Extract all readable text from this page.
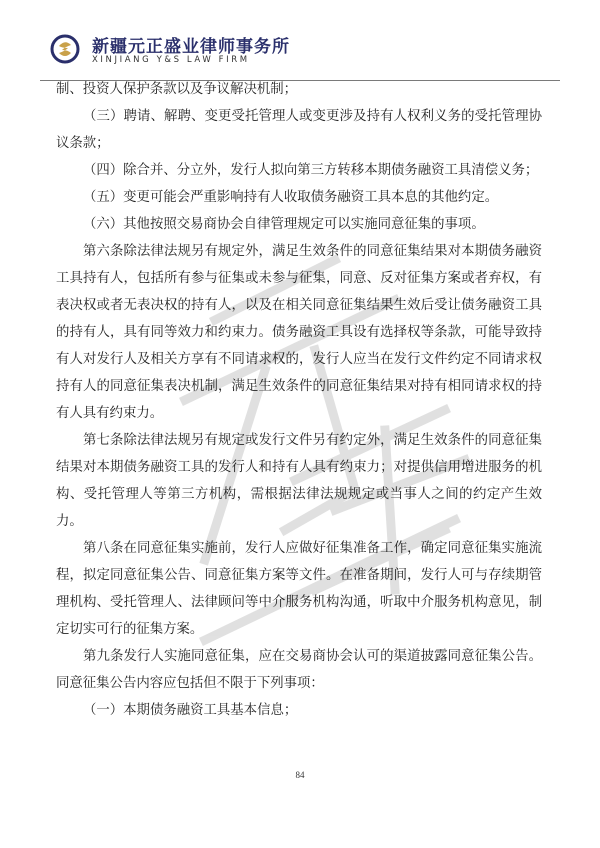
新疆元正盛业律师事务所
XINJIANG Y&S LAW FIRM

制、投资人保护条款以及争议解决机制；

（三）聘请、解聘、变更受托管理人或变更涉及持有人权利义务的受托管理协议条款；

（四）除合并、分立外，发行人拟向第三方转移本期债务融资工具清偿义务；

（五）变更可能会严重影响持有人收取债务融资工具本息的其他约定。

（六）其他按照交易商协会自律管理规定可以实施同意征集的事项。

第六条除法律法规另有规定外，满足生效条件的同意征集结果对本期债务融资工具持有人，包括所有参与征集或未参与征集，同意、反对征集方案或者弃权，有表决权或者无表决权的持有人，以及在相关同意征集结果生效后受让债务融资工具的持有人，具有同等效力和约束力。债务融资工具设有选择权等条款，可能导致持有人对发行人及相关方享有不同请求权的，发行人应当在发行文件约定不同请求权持有人的同意征集表决机制，满足生效条件的同意征集结果对持有相同请求权的持有人具有约束力。

第七条除法律法规另有规定或发行文件另有约定外，满足生效条件的同意征集结果对本期债务融资工具的发行人和持有人具有约束力；对提供信用增进服务的机构、受托管理人等第三方机构，需根据法律法规规定或当事人之间的约定产生效力。

第八条在同意征集实施前，发行人应做好征集准备工作，确定同意征集实施流程，拟定同意征集公告、同意征集方案等文件。在准备期间，发行人可与存续期管理机构、受托管理人、法律顾问等中介服务机构沟通，听取中介服务机构意见，制定切实可行的征集方案。

第九条发行人实施同意征集，应在交易商协会认可的渠道披露同意征集公告。同意征集公告内容应包括但不限于下列事项：

（一）本期债务融资工具基本信息；

84
